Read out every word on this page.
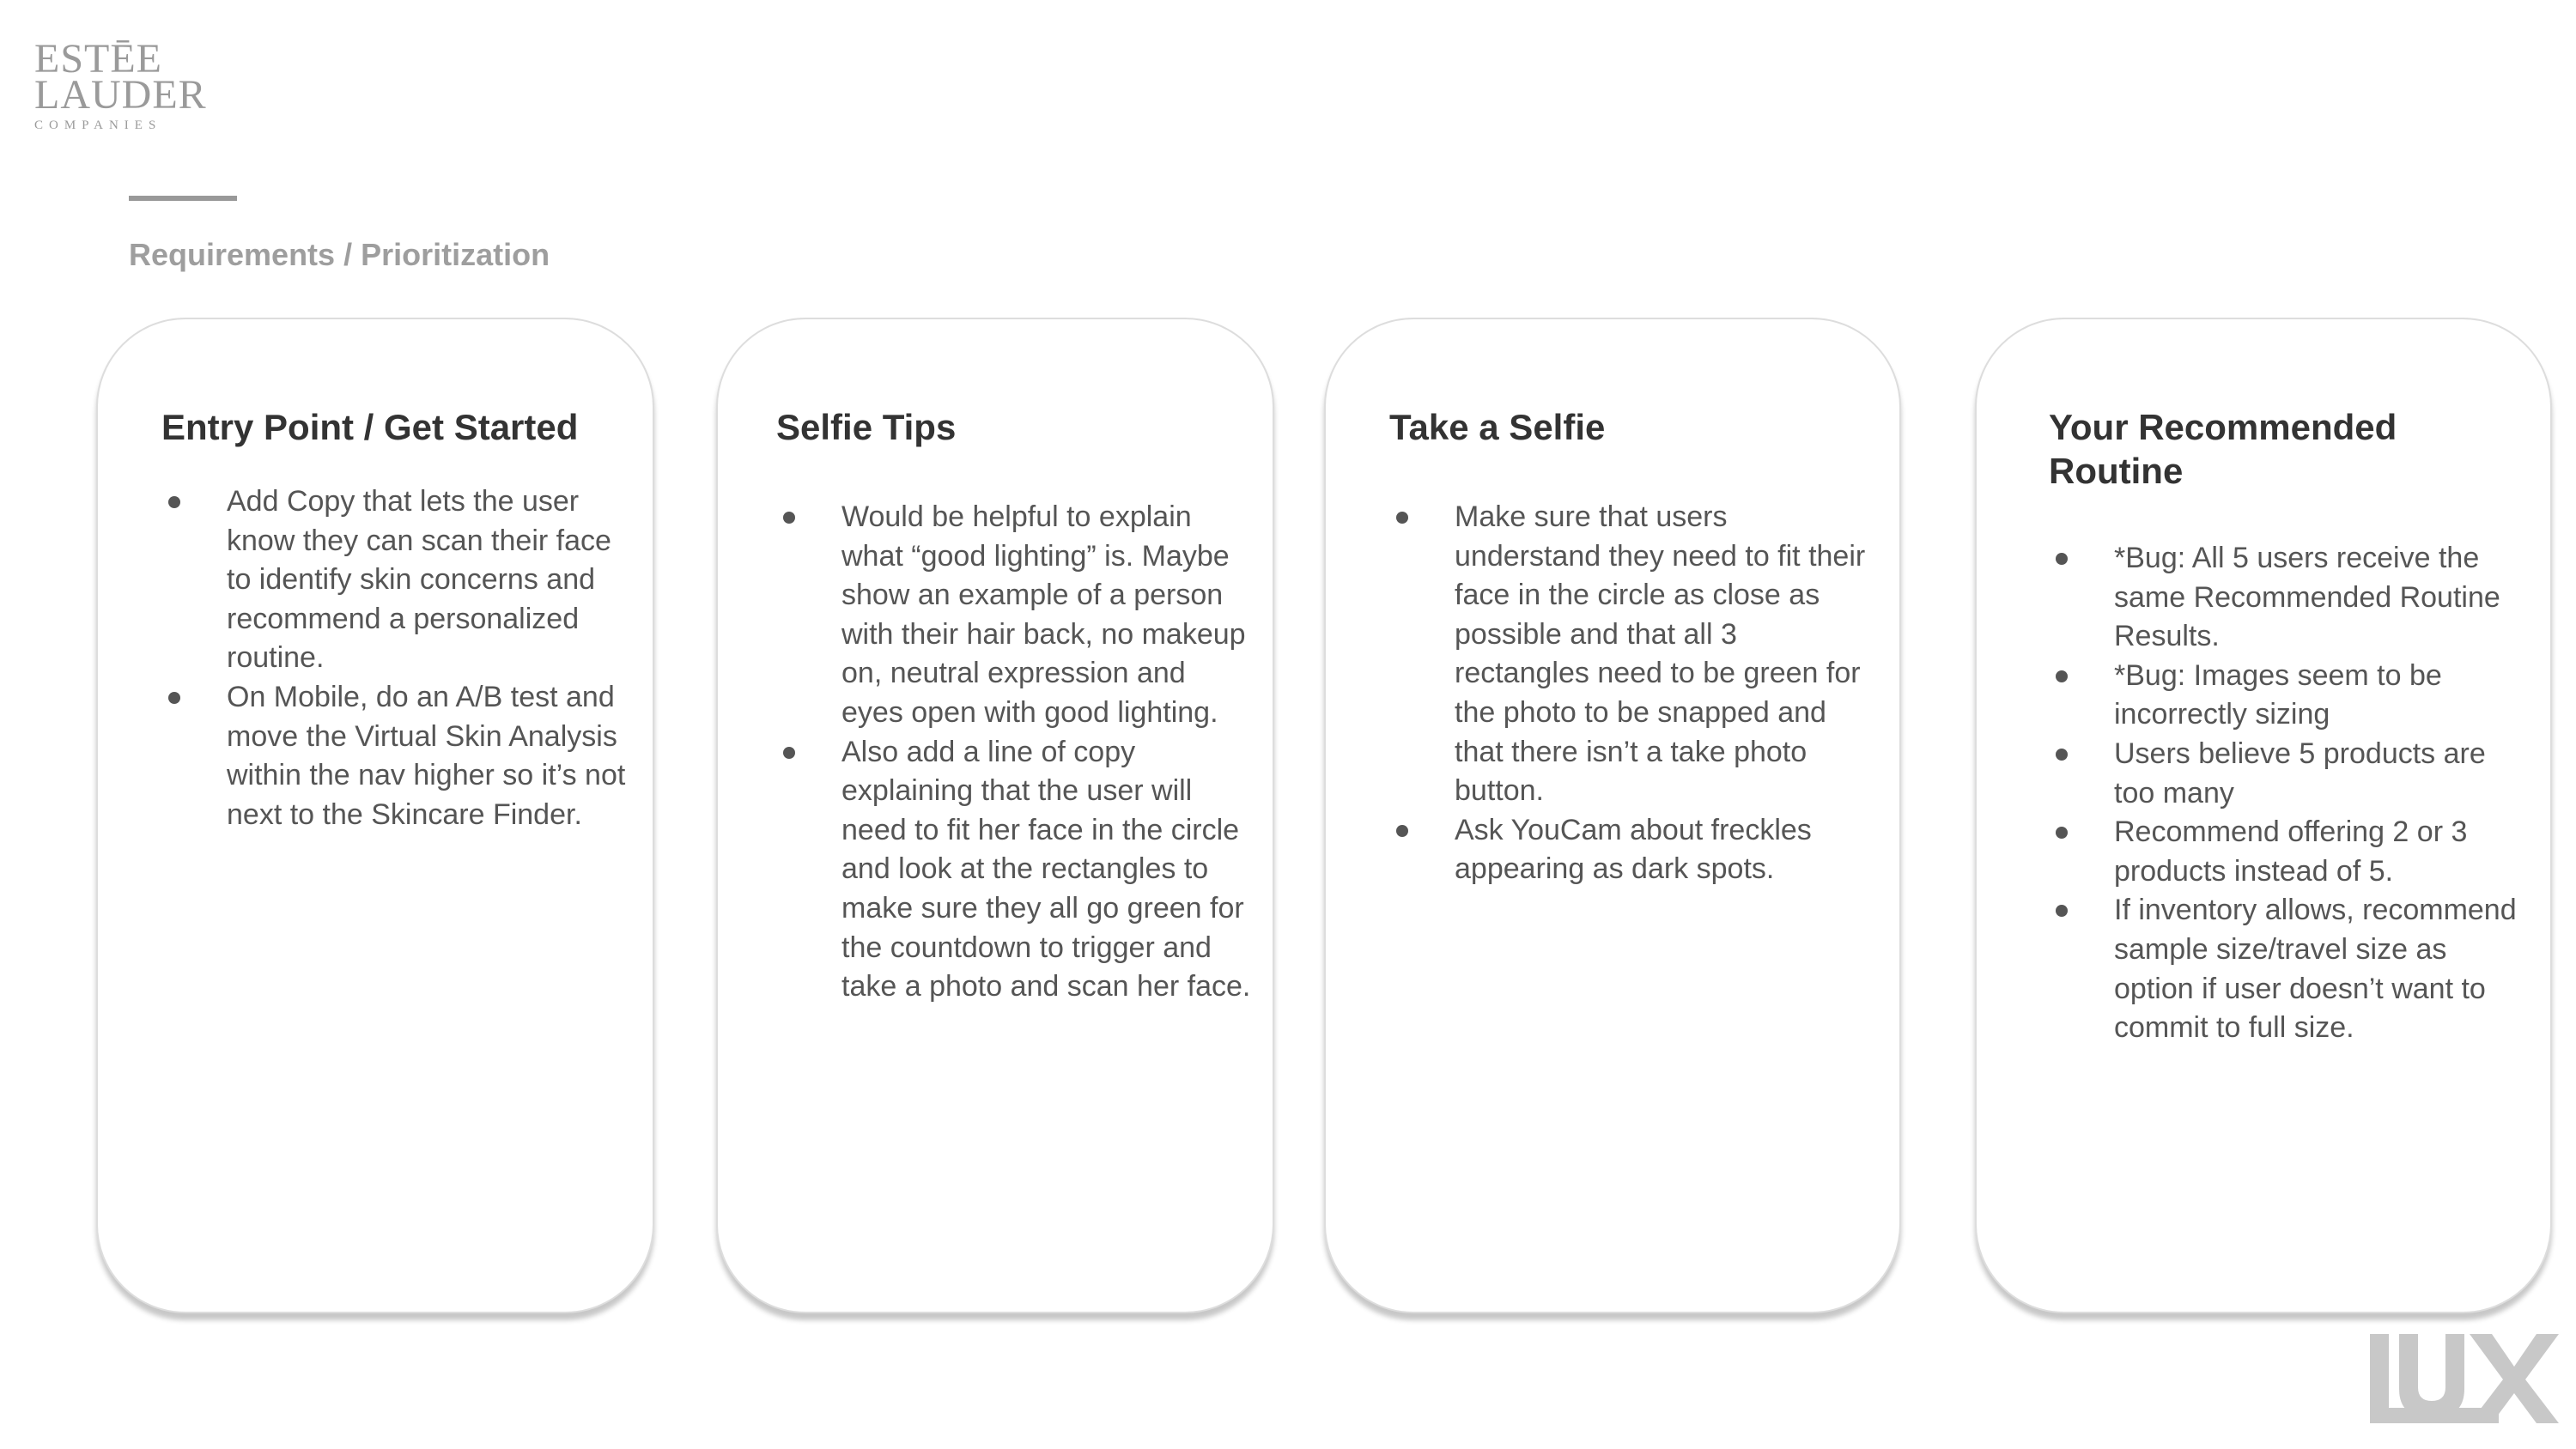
ESTĒE
LAUDER
COMPANIES
Requirements / Prioritization
Entry Point / Get Started
Add Copy that lets the user know they can scan their face to identify skin concerns and recommend a personalized routine.
On Mobile, do an A/B test and move the Virtual Skin Analysis within the nav higher so it’s not next to the Skincare Finder.
Selfie Tips
Would be helpful to explain what “good lighting” is. Maybe show an example of a person with their hair back, no makeup on, neutral expression and eyes open with good lighting.
Also add a line of copy explaining that the user will need to fit her face in the circle and look at the rectangles to make sure they all go green for the countdown to trigger and take a photo and scan her face.
Take a Selfie
Make sure that users understand they need to fit their face in the circle as close as possible and that all 3 rectangles need to be green for the photo to be snapped and that there isn’t a take photo button.
Ask YouCam about freckles appearing as dark spots.
Your Recommended Routine
*Bug: All 5 users receive the same Recommended Routine Results.
*Bug: Images seem to be incorrectly sizing
Users believe 5 products are too many
Recommend offering 2 or 3 products instead of 5.
If inventory allows, recommend sample size/travel size as option if user doesn’t want to commit to full size.
